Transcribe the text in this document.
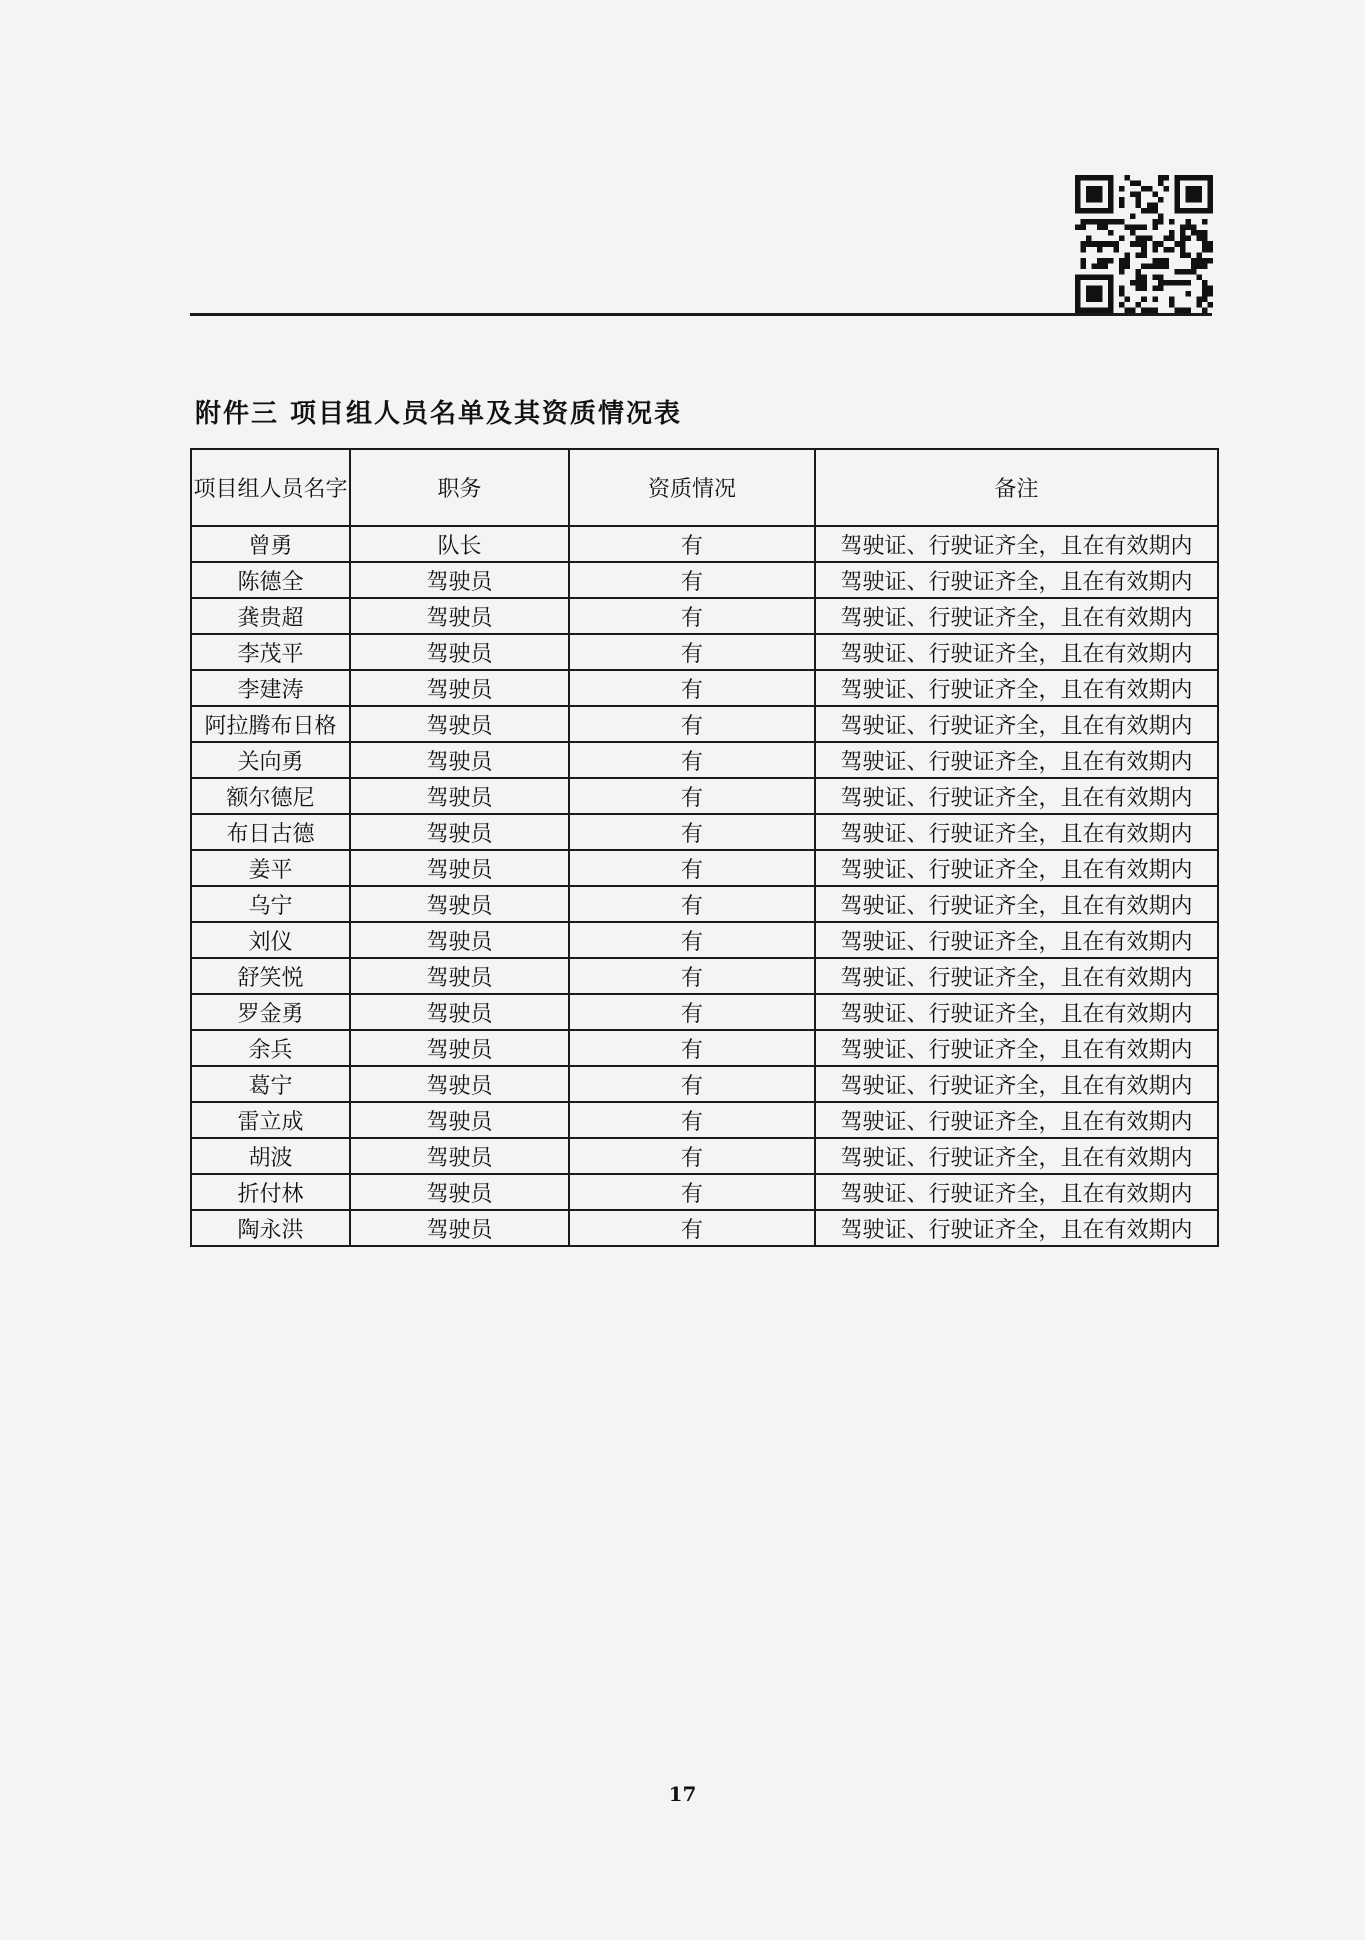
附件三 项目组人员名单及其资质情况表
项目组人员名字	职务	资质情况	备注
曾勇	队长	有	驾驶证、行驶证齐全，且在有效期内
陈德全	驾驶员	有	驾驶证、行驶证齐全，且在有效期内
龚贵超	驾驶员	有	驾驶证、行驶证齐全，且在有效期内
李茂平	驾驶员	有	驾驶证、行驶证齐全，且在有效期内
李建涛	驾驶员	有	驾驶证、行驶证齐全，且在有效期内
阿拉腾布日格	驾驶员	有	驾驶证、行驶证齐全，且在有效期内
关向勇	驾驶员	有	驾驶证、行驶证齐全，且在有效期内
额尔德尼	驾驶员	有	驾驶证、行驶证齐全，且在有效期内
布日古德	驾驶员	有	驾驶证、行驶证齐全，且在有效期内
姜平	驾驶员	有	驾驶证、行驶证齐全，且在有效期内
乌宁	驾驶员	有	驾驶证、行驶证齐全，且在有效期内
刘仪	驾驶员	有	驾驶证、行驶证齐全，且在有效期内
舒笑悦	驾驶员	有	驾驶证、行驶证齐全，且在有效期内
罗金勇	驾驶员	有	驾驶证、行驶证齐全，且在有效期内
余兵	驾驶员	有	驾驶证、行驶证齐全，且在有效期内
葛宁	驾驶员	有	驾驶证、行驶证齐全，且在有效期内
雷立成	驾驶员	有	驾驶证、行驶证齐全，且在有效期内
胡波	驾驶员	有	驾驶证、行驶证齐全，且在有效期内
折付林	驾驶员	有	驾驶证、行驶证齐全，且在有效期内
陶永洪	驾驶员	有	驾驶证、行驶证齐全，且在有效期内
17
